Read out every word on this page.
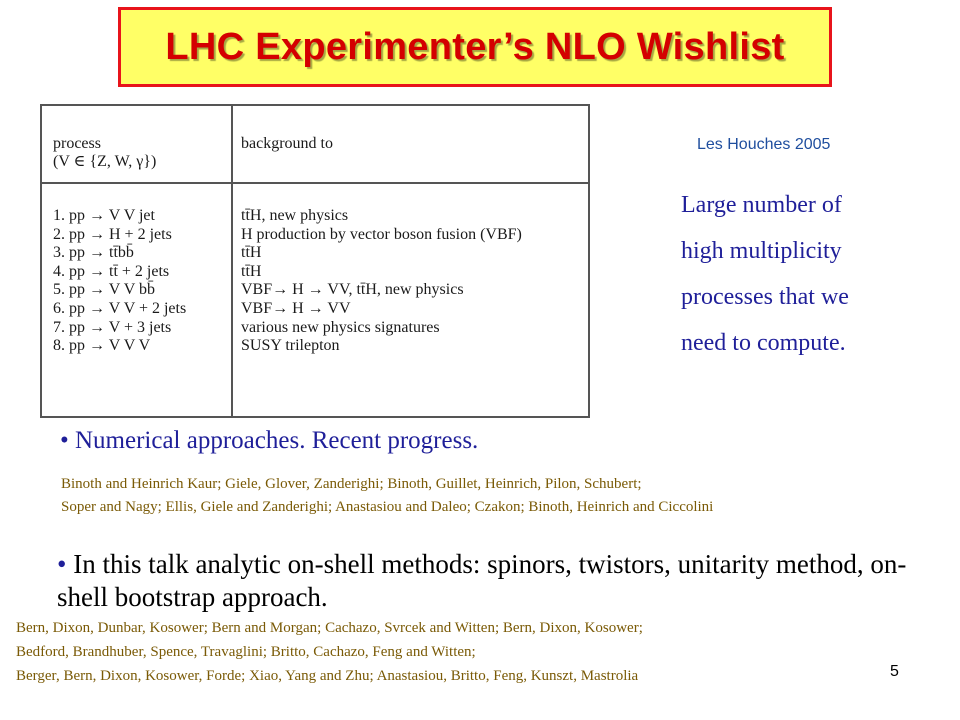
LHC Experimenter’s NLO Wishlist
process
(V ∈ {Z, W, γ})
background to
1. pp → V V jet
2. pp → H + 2 jets
3. pp → tt̄bb̄
4. pp → tt̄ + 2 jets
5. pp → V V bb̄
6. pp → V V + 2 jets
7. pp → V + 3 jets
8. pp → V V V
tt̄H, new physics
H production by vector boson fusion (VBF)
tt̄H
tt̄H
VBF→ H → VV, tt̄H, new physics
VBF→ H → VV
various new physics signatures
SUSY trilepton
Les Houches 2005
Large number of
high multiplicity
processes that we
need to compute.
• Numerical approaches. Recent progress.
Binoth and Heinrich Kaur; Giele, Glover, Zanderighi; Binoth, Guillet, Heinrich, Pilon, Schubert;
Soper and Nagy; Ellis, Giele and Zanderighi; Anastasiou and Daleo; Czakon; Binoth, Heinrich and Ciccolini
• In this talk analytic on-shell methods: spinors, twistors, unitarity method, on-shell bootstrap approach.
Bern, Dixon, Dunbar, Kosower; Bern and Morgan; Cachazo, Svrcek and Witten; Bern, Dixon, Kosower;
Bedford, Brandhuber, Spence, Travaglini; Britto, Cachazo, Feng and Witten;
Berger, Bern, Dixon, Kosower, Forde; Xiao, Yang and Zhu; Anastasiou, Britto, Feng, Kunszt, Mastrolia	5
